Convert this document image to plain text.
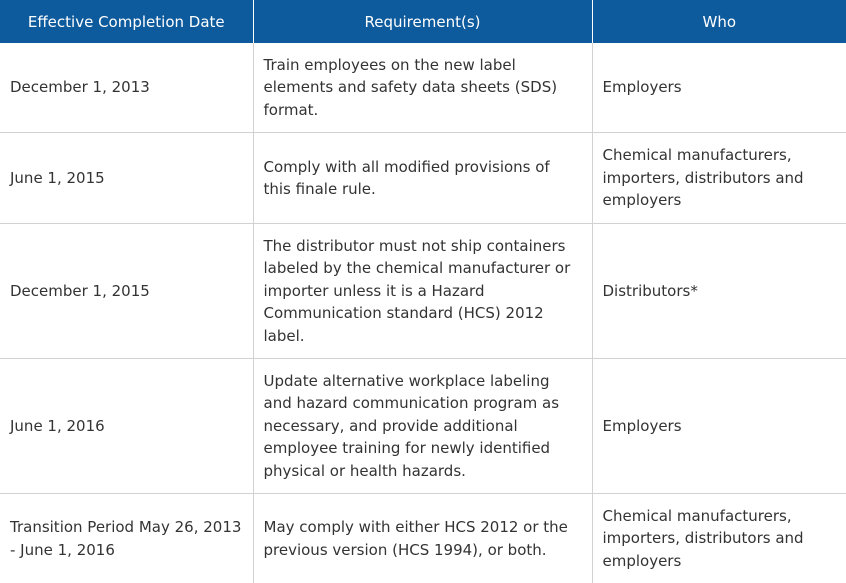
Effective Completion Date	Requirement(s)	Who
December 1, 2013	Train employees on the new label elements and safety data sheets (SDS) format.	Employers
June 1, 2015	Comply with all modified provisions of this finale rule.	Chemical manufacturers, importers, distributors and employers
December 1, 2015	The distributor must not ship containers labeled by the chemical manufacturer or importer unless it is a Hazard Communication standard (HCS) 2012 label.	Distributors*
June 1, 2016	Update alternative workplace labeling and hazard communication program as necessary, and provide additional employee training for newly identified physical or health hazards.	Employers
Transition Period May 26, 2013 - June 1, 2016	May comply with either HCS 2012 or the previous version (HCS 1994), or both.	Chemical manufacturers, importers, distributors and employers
